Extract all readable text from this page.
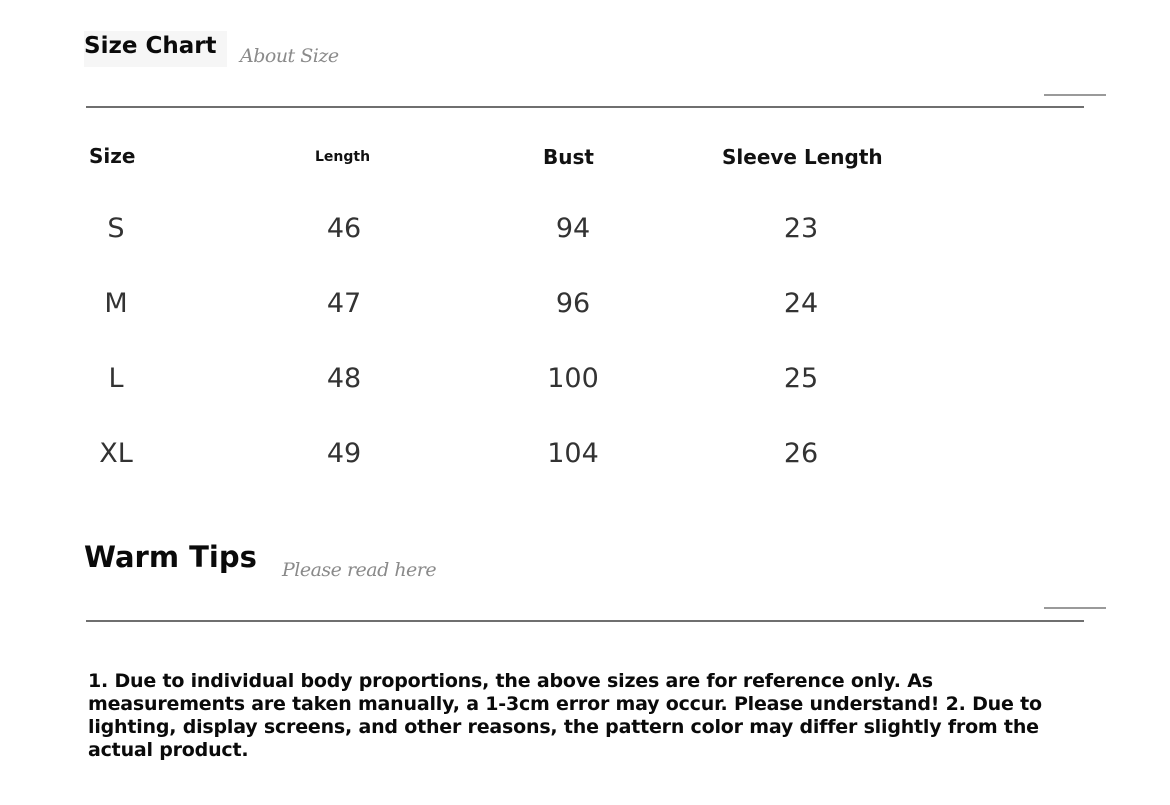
Size Chart	About Size
Size	Length	Bust	Sleeve Length
S	46	94	23
M	47	96	24
L	48	100	25
XL	49	104	26
Warm Tips Please read here

1. Due to individual body proportions, the above sizes are for reference only. As measurements are taken manually, a 1-3cm error may occur. Please understand! 2. Due to lighting, display screens, and other reasons, the pattern color may differ slightly from the actual product.
